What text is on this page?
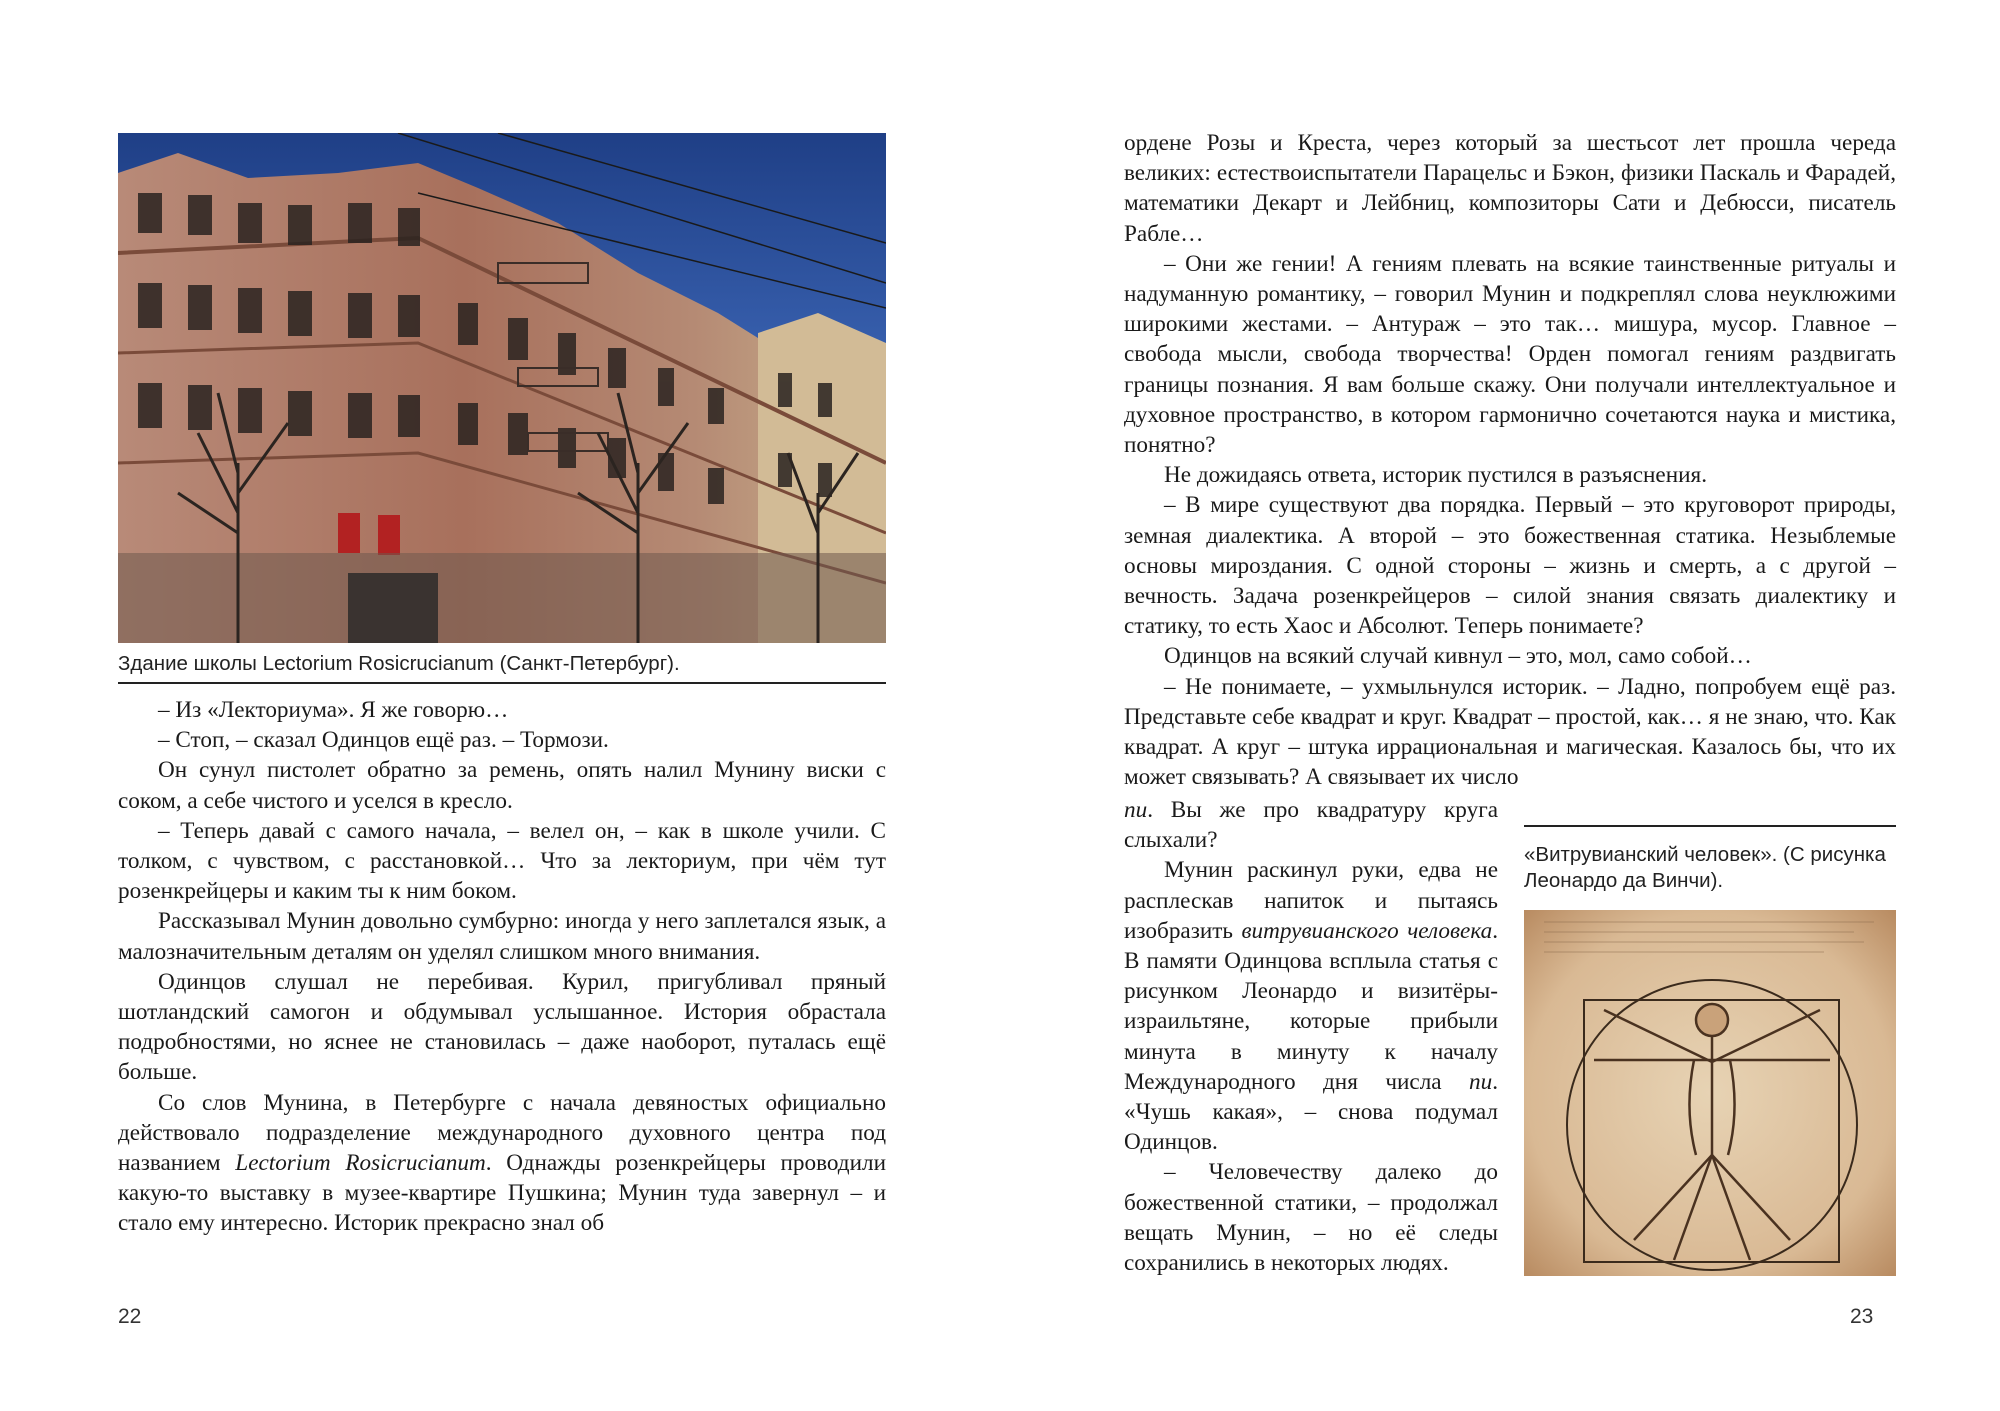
Здание школы Lectorium Rosicrucianum (Санкт-Петербург).

– Из «Лекториума». Я же говорю…

– Стоп, – сказал Одинцов ещё раз. – Тормози.

Он сунул пистолет обратно за ремень, опять налил Мунину виски с соком, а себе чистого и уселся в кресло.

– Теперь давай с самого начала, – велел он, – как в школе учили. С толком, с чувством, с расстановкой… Что за лекториум, при чём тут розенкрейцеры и каким ты к ним боком.

Рассказывал Мунин довольно сумбурно: иногда у него заплетался язык, а малозначительным деталям он уделял слишком много внимания.

Одинцов слушал не перебивая. Курил, пригубливал пряный шотландский самогон и обдумывал услышанное. История обрастала подробностями, но яснее не становилась – даже наоборот, путалась ещё больше.

Со слов Мунина, в Петербурге с начала девяностых официально действовало подразделение международного духовного центра под названием Lectorium Rosicrucianum. Однажды розенкрейцеры проводили какую-то выставку в музее-квартире Пушкина; Мунин туда завернул – и стало ему интересно. Историк прекрасно знал об

22

ордене Розы и Креста, через который за шестьсот лет прошла череда великих: естествоиспытатели Парацельс и Бэкон, физики Паскаль и Фарадей, математики Декарт и Лейбниц, композиторы Сати и Дебюсси, писатель Рабле…

– Они же гении! А гениям плевать на всякие таинственные ритуалы и надуманную романтику, – говорил Мунин и подкреплял слова неуклюжими широкими жестами. – Антураж – это так… мишура, мусор. Главное – свобода мысли, свобода творчества! Орден помогал гениям раздвигать границы познания. Я вам больше скажу. Они получали интеллектуальное и духовное пространство, в котором гармонично сочетаются наука и мистика, понятно?

Не дожидаясь ответа, историк пустился в разъяснения.

– В мире существуют два порядка. Первый – это круговорот природы, земная диалектика. А второй – это божественная статика. Незыблемые основы мироздания. С одной стороны – жизнь и смерть, а с другой – вечность. Задача розенкрейцеров – силой знания связать диалектику и статику, то есть Хаос и Абсолют. Теперь понимаете?

Одинцов на всякий случай кивнул – это, мол, само собой…

– Не понимаете, – ухмыльнулся историк. – Ладно, попробуем ещё раз. Представьте себе квадрат и круг. Квадрат – простой, как… я не знаю, что. Как квадрат. А круг – штука иррациональная и магическая. Казалось бы, что их может связывать? А связывает их число

пи. Вы же про квадратуру круга слыхали?

Мунин раскинул руки, едва не расплескав напиток и пытаясь изобразить витрувианского человека. В памяти Одинцова всплыла статья с рисунком Леонардо и визитёры-израильтяне, которые прибыли минута в минуту к началу Международного дня числа пи. «Чушь какая», – снова подумал Одинцов.

– Человечеству далеко до божественной статики, – продолжал вещать Мунин, – но её следы сохранились в некоторых людях.

«Витрувианский человек». (С рисунка Леонардо да Винчи).
23
